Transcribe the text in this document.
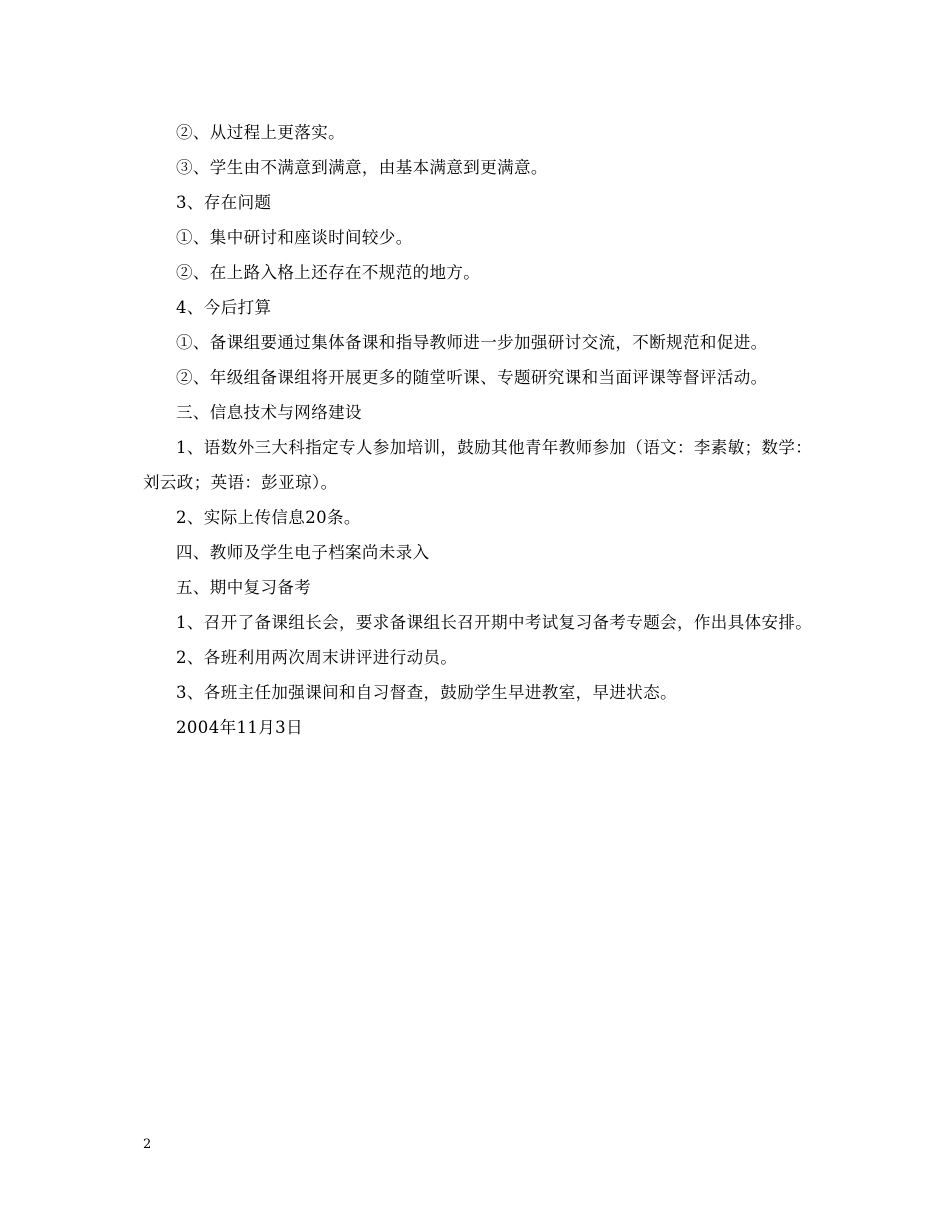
②、从过程上更落实。

③、学生由不满意到满意，由基本满意到更满意。

3、存在问题

①、集中研讨和座谈时间较少。

②、在上路入格上还存在不规范的地方。

4、今后打算

①、备课组要通过集体备课和指导教师进一步加强研讨交流，不断规范和促进。

②、年级组备课组将开展更多的随堂听课、专题研究课和当面评课等督评活动。

三、信息技术与网络建设

1、语数外三大科指定专人参加培训，鼓励其他青年教师参加（语文：李素敏；数学：刘云政；英语：彭亚琼）。

2、实际上传信息20条。

四、教师及学生电子档案尚未录入

五、期中复习备考

1、召开了备课组长会，要求备课组长召开期中考试复习备考专题会，作出具体安排。

2、各班利用两次周末讲评进行动员。

3、各班主任加强课间和自习督查，鼓励学生早进教室，早进状态。

2004年11月3日

2
